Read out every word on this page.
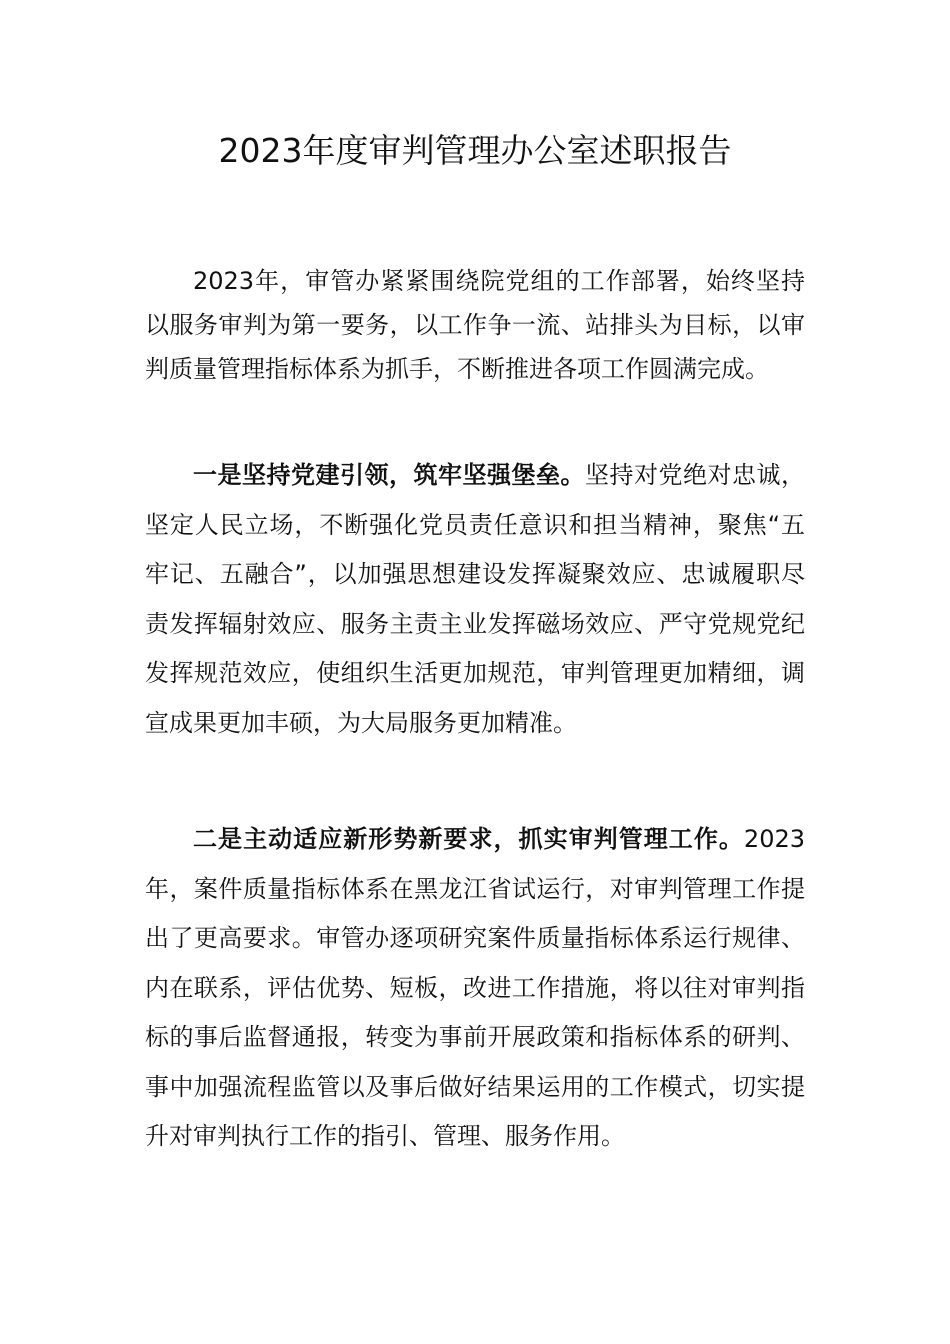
2023年度审判管理办公室述职报告

2023年，审管办紧紧围绕院党组的工作部署，始终坚持以服务审判为第一要务，以工作争一流、站排头为目标，以审判质量管理指标体系为抓手，不断推进各项工作圆满完成。

一是坚持党建引领，筑牢坚强堡垒。坚持对党绝对忠诚，坚定人民立场，不断强化党员责任意识和担当精神，聚焦“五牢记、五融合”，以加强思想建设发挥凝聚效应、忠诚履职尽责发挥辐射效应、服务主责主业发挥磁场效应、严守党规党纪发挥规范效应，使组织生活更加规范，审判管理更加精细，调宣成果更加丰硕，为大局服务更加精准。

二是主动适应新形势新要求，抓实审判管理工作。2023年，案件质量指标体系在黑龙江省试运行，对审判管理工作提出了更高要求。审管办逐项研究案件质量指标体系运行规律、内在联系，评估优势、短板，改进工作措施，将以往对审判指标的事后监督通报，转变为事前开展政策和指标体系的研判、事中加强流程监管以及事后做好结果运用的工作模式，切实提升对审判执行工作的指引、管理、服务作用。
